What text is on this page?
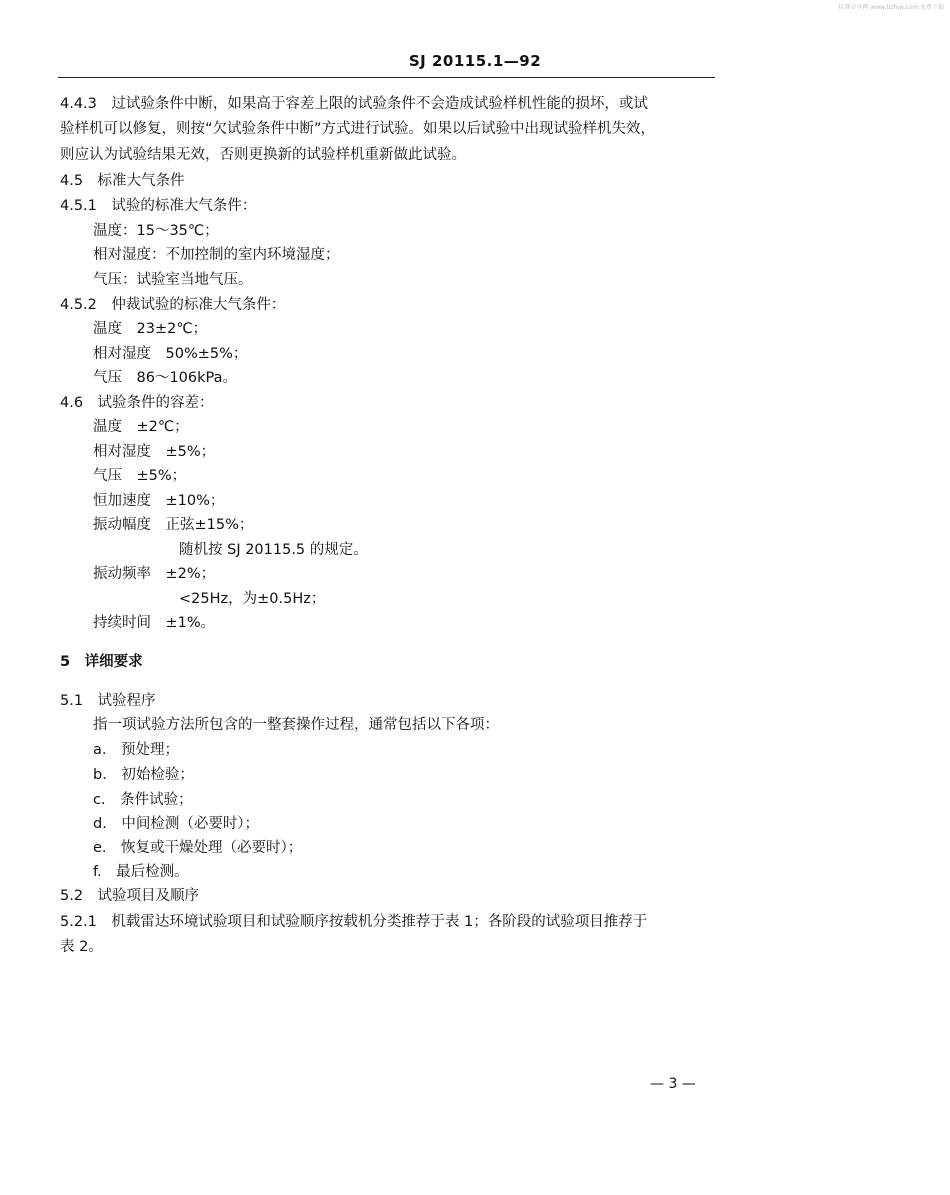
标准分享网 www.bzfxw.com 免费下载
SJ 20115.1—92
4.4.3　过试验条件中断，如果高于容差上限的试验条件不会造成试验样机性能的损坏，或试
验样机可以修复，则按“欠试验条件中断”方式进行试验。如果以后试验中出现试验样机失效，
则应认为试验结果无效，否则更换新的试验样机重新做此试验。
4.5　标准大气条件
4.5.1　试验的标准大气条件：
温度：15～35℃；
相对湿度：不加控制的室内环境湿度；
气压：试验室当地气压。
4.5.2　仲裁试验的标准大气条件：
温度　23±2℃；
相对湿度　50%±5%；
气压　86～106kPa。
4.6　试验条件的容差：
温度　±2℃；
相对湿度　±5%；
气压　±5%；
恒加速度　±10%；
振动幅度　正弦±15%；
随机按 SJ 20115.5 的规定。
振动频率　±2%；
<25Hz，为±0.5Hz；
持续时间　±1%。
5　详细要求
5.1　试验程序
指一项试验方法所包含的一整套操作过程，通常包括以下各项：
a.　预处理；
b.　初始检验；
c.　条件试验；
d.　中间检测（必要时）；
e.　恢复或干燥处理（必要时）；
f.　最后检测。
5.2　试验项目及顺序
5.2.1　机载雷达环境试验项目和试验顺序按载机分类推荐于表 1；各阶段的试验项目推荐于
表 2。
— 3 —
